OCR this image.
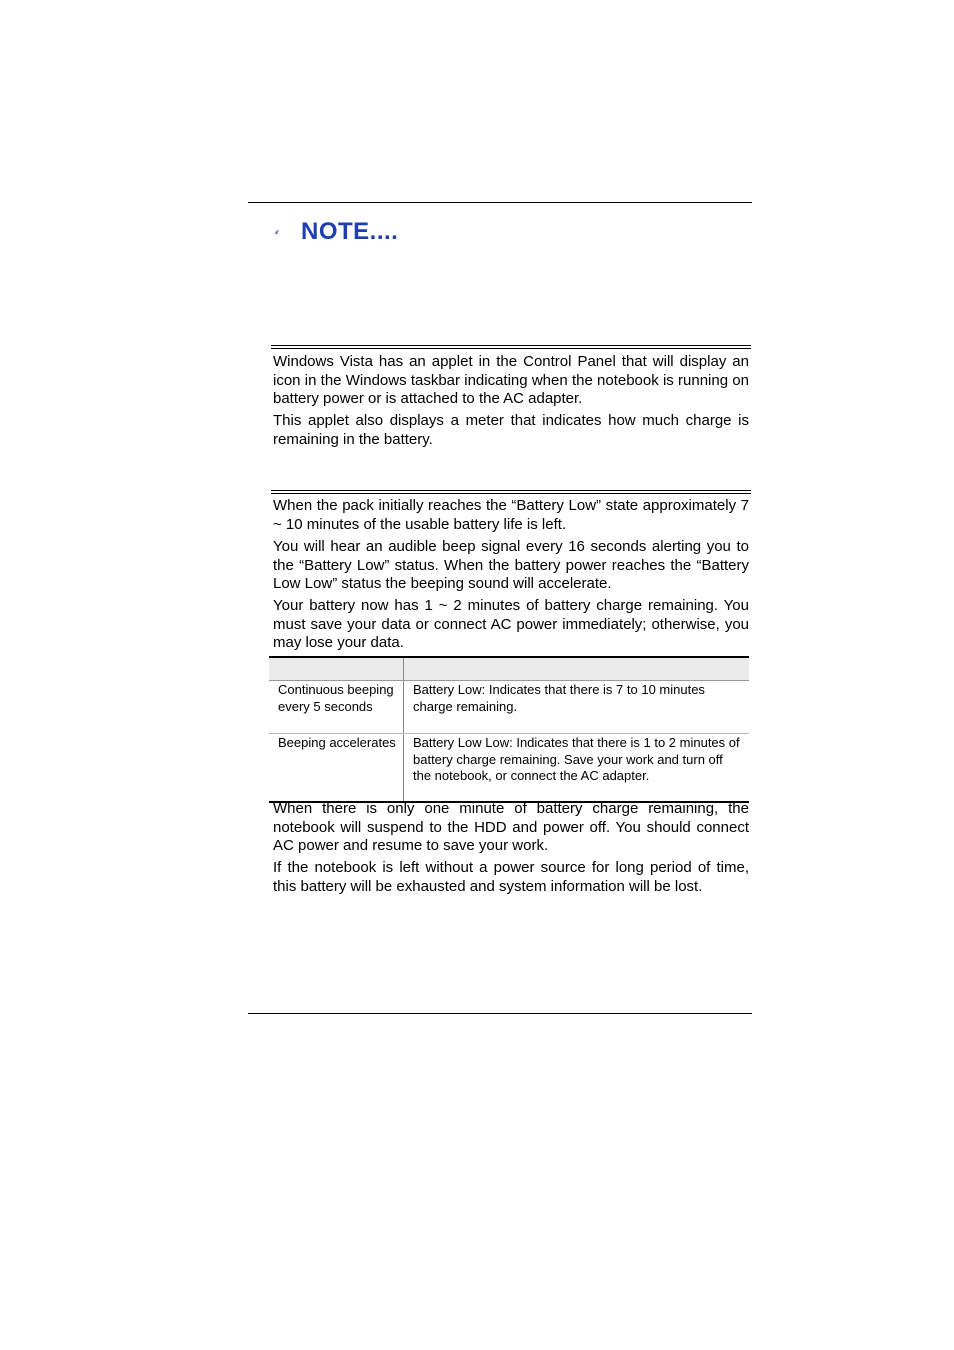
NOTE....

Windows Vista has an applet in the Control Panel that will display an icon in the Windows taskbar indicating when the notebook is running on battery power or is attached to the AC adapter.

This applet also displays a meter that indicates how much charge is remaining in the battery.

When the pack initially reaches the “Battery Low” state approximately 7 ~ 10 minutes of the usable battery life is left.

You will hear an audible beep signal every 16 seconds alerting you to the “Battery Low” status. When the battery power reaches the “Battery Low Low” status the beeping sound will accelerate.

Your battery now has 1 ~ 2 minutes of battery charge remaining. You must save your data or connect AC power immediately; otherwise, you may lose your data.

Continuous beeping every 5 seconds	Battery Low: Indicates that there is 7 to 10 minutes charge remaining.
Beeping accelerates	Battery Low Low: Indicates that there is 1 to 2 minutes of battery charge remaining. Save your work and turn off the notebook, or connect the AC adapter.

When there is only one minute of battery charge remaining, the notebook will suspend to the HDD and power off. You should connect AC power and resume to save your work.

If the notebook is left without a power source for long period of time, this battery will be exhausted and system information will be lost.
